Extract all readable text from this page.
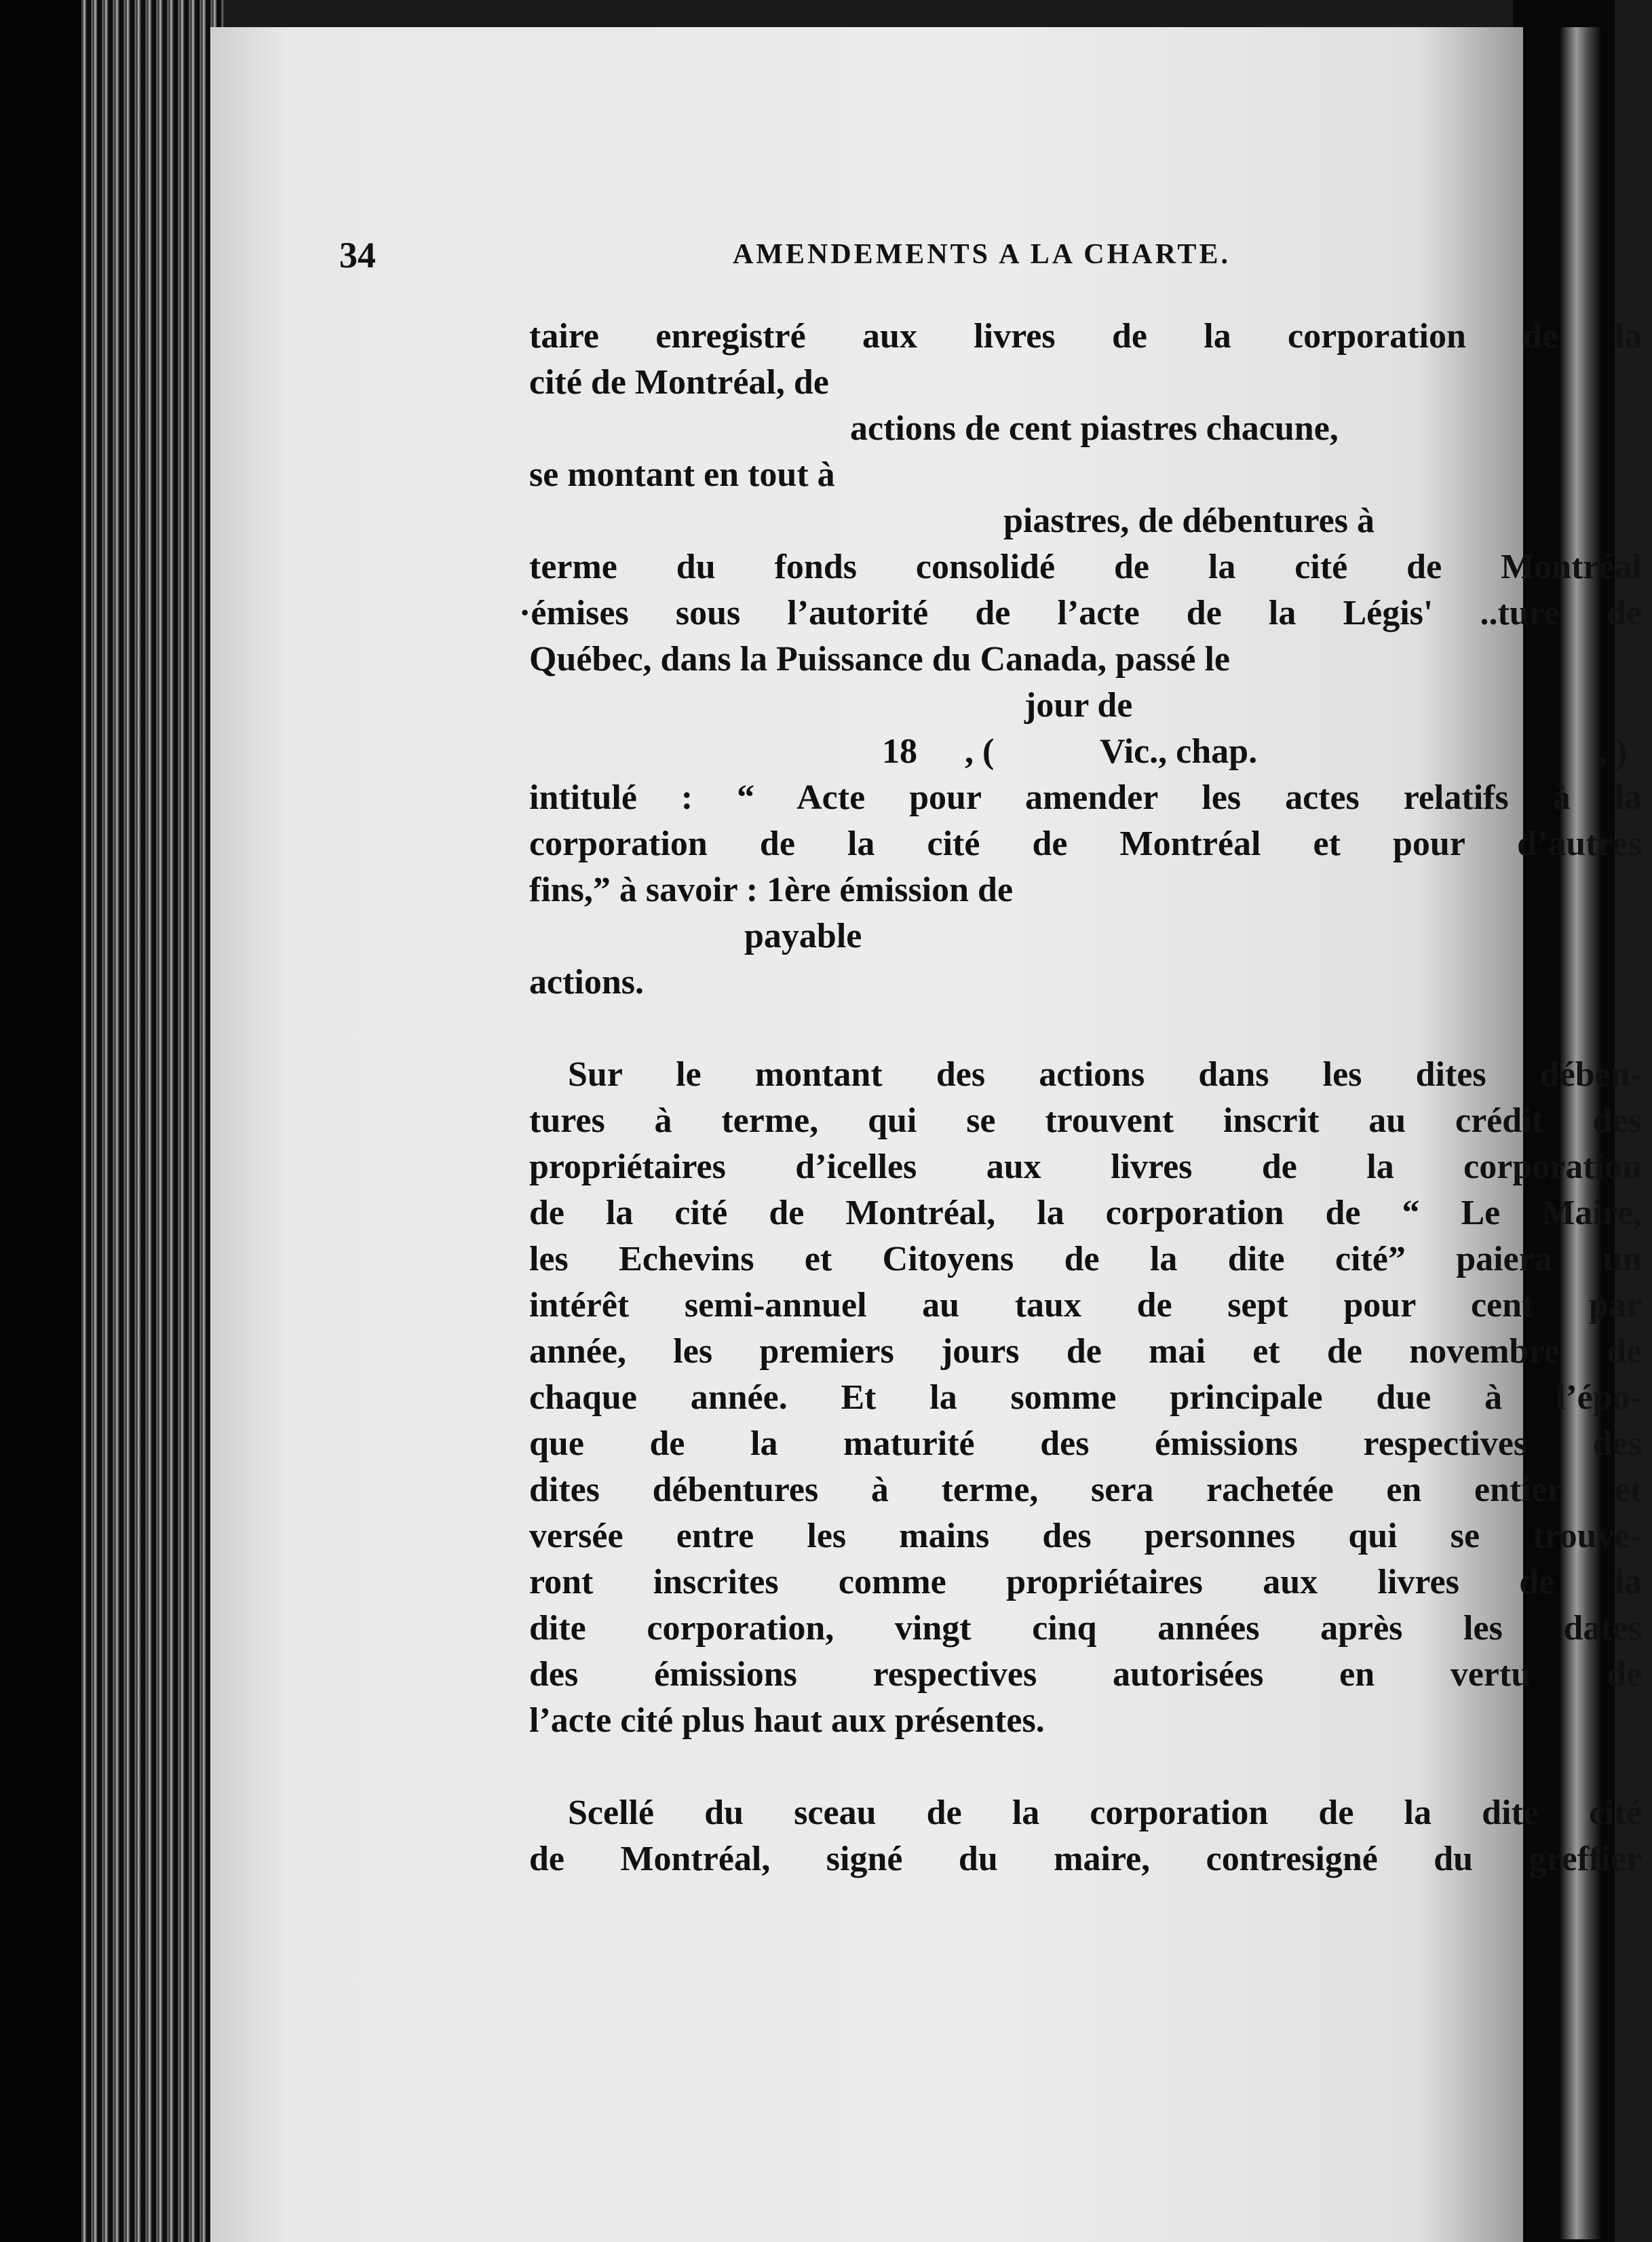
34	AMENDEMENTS A LA CHARTE.
taire enregistré aux livres de la corporation de la
cité de Montréal, de
actions de cent piastres chacune,
se montant en tout à
piastres, de débentures à
terme du fonds consolidé de la cité de Montréal
·émises sous l’autorité de l’acte de la Légis' ..ture de
Québec, dans la Puissance du Canada, passé le
jour de
18	, (	Vic., chap.	, )
intitulé : “ Acte pour amender les actes relatifs à la
corporation de la cité de Montréal et pour d’autres
fins,” à savoir : 1ère émission de
payable
actions.
Sur le montant des actions dans les dites dében-
tures à terme, qui se trouvent inscrit au crédit des
propriétaires d’icelles aux livres de la corporation
de la cité de Montréal, la corporation de “ Le Maire,
les Echevins et Citoyens de la dite cité” paiera un
intérêt semi-annuel au taux de sept pour cent par
année, les premiers jours de mai et de novembre de
chaque année. Et la somme principale due à l’épo-
que de la maturité des émissions respectives des
dites débentures à terme, sera rachetée en entier et
versée entre les mains des personnes qui se trouve-
ront inscrites comme propriétaires aux livres de la
dite corporation, vingt cinq années après les dates
des émissions respectives autorisées en vertu de
l’acte cité plus haut aux présentes.
Scellé du sceau de la corporation de la dite cité
de Montréal, signé du maire, contresigné du greffier
